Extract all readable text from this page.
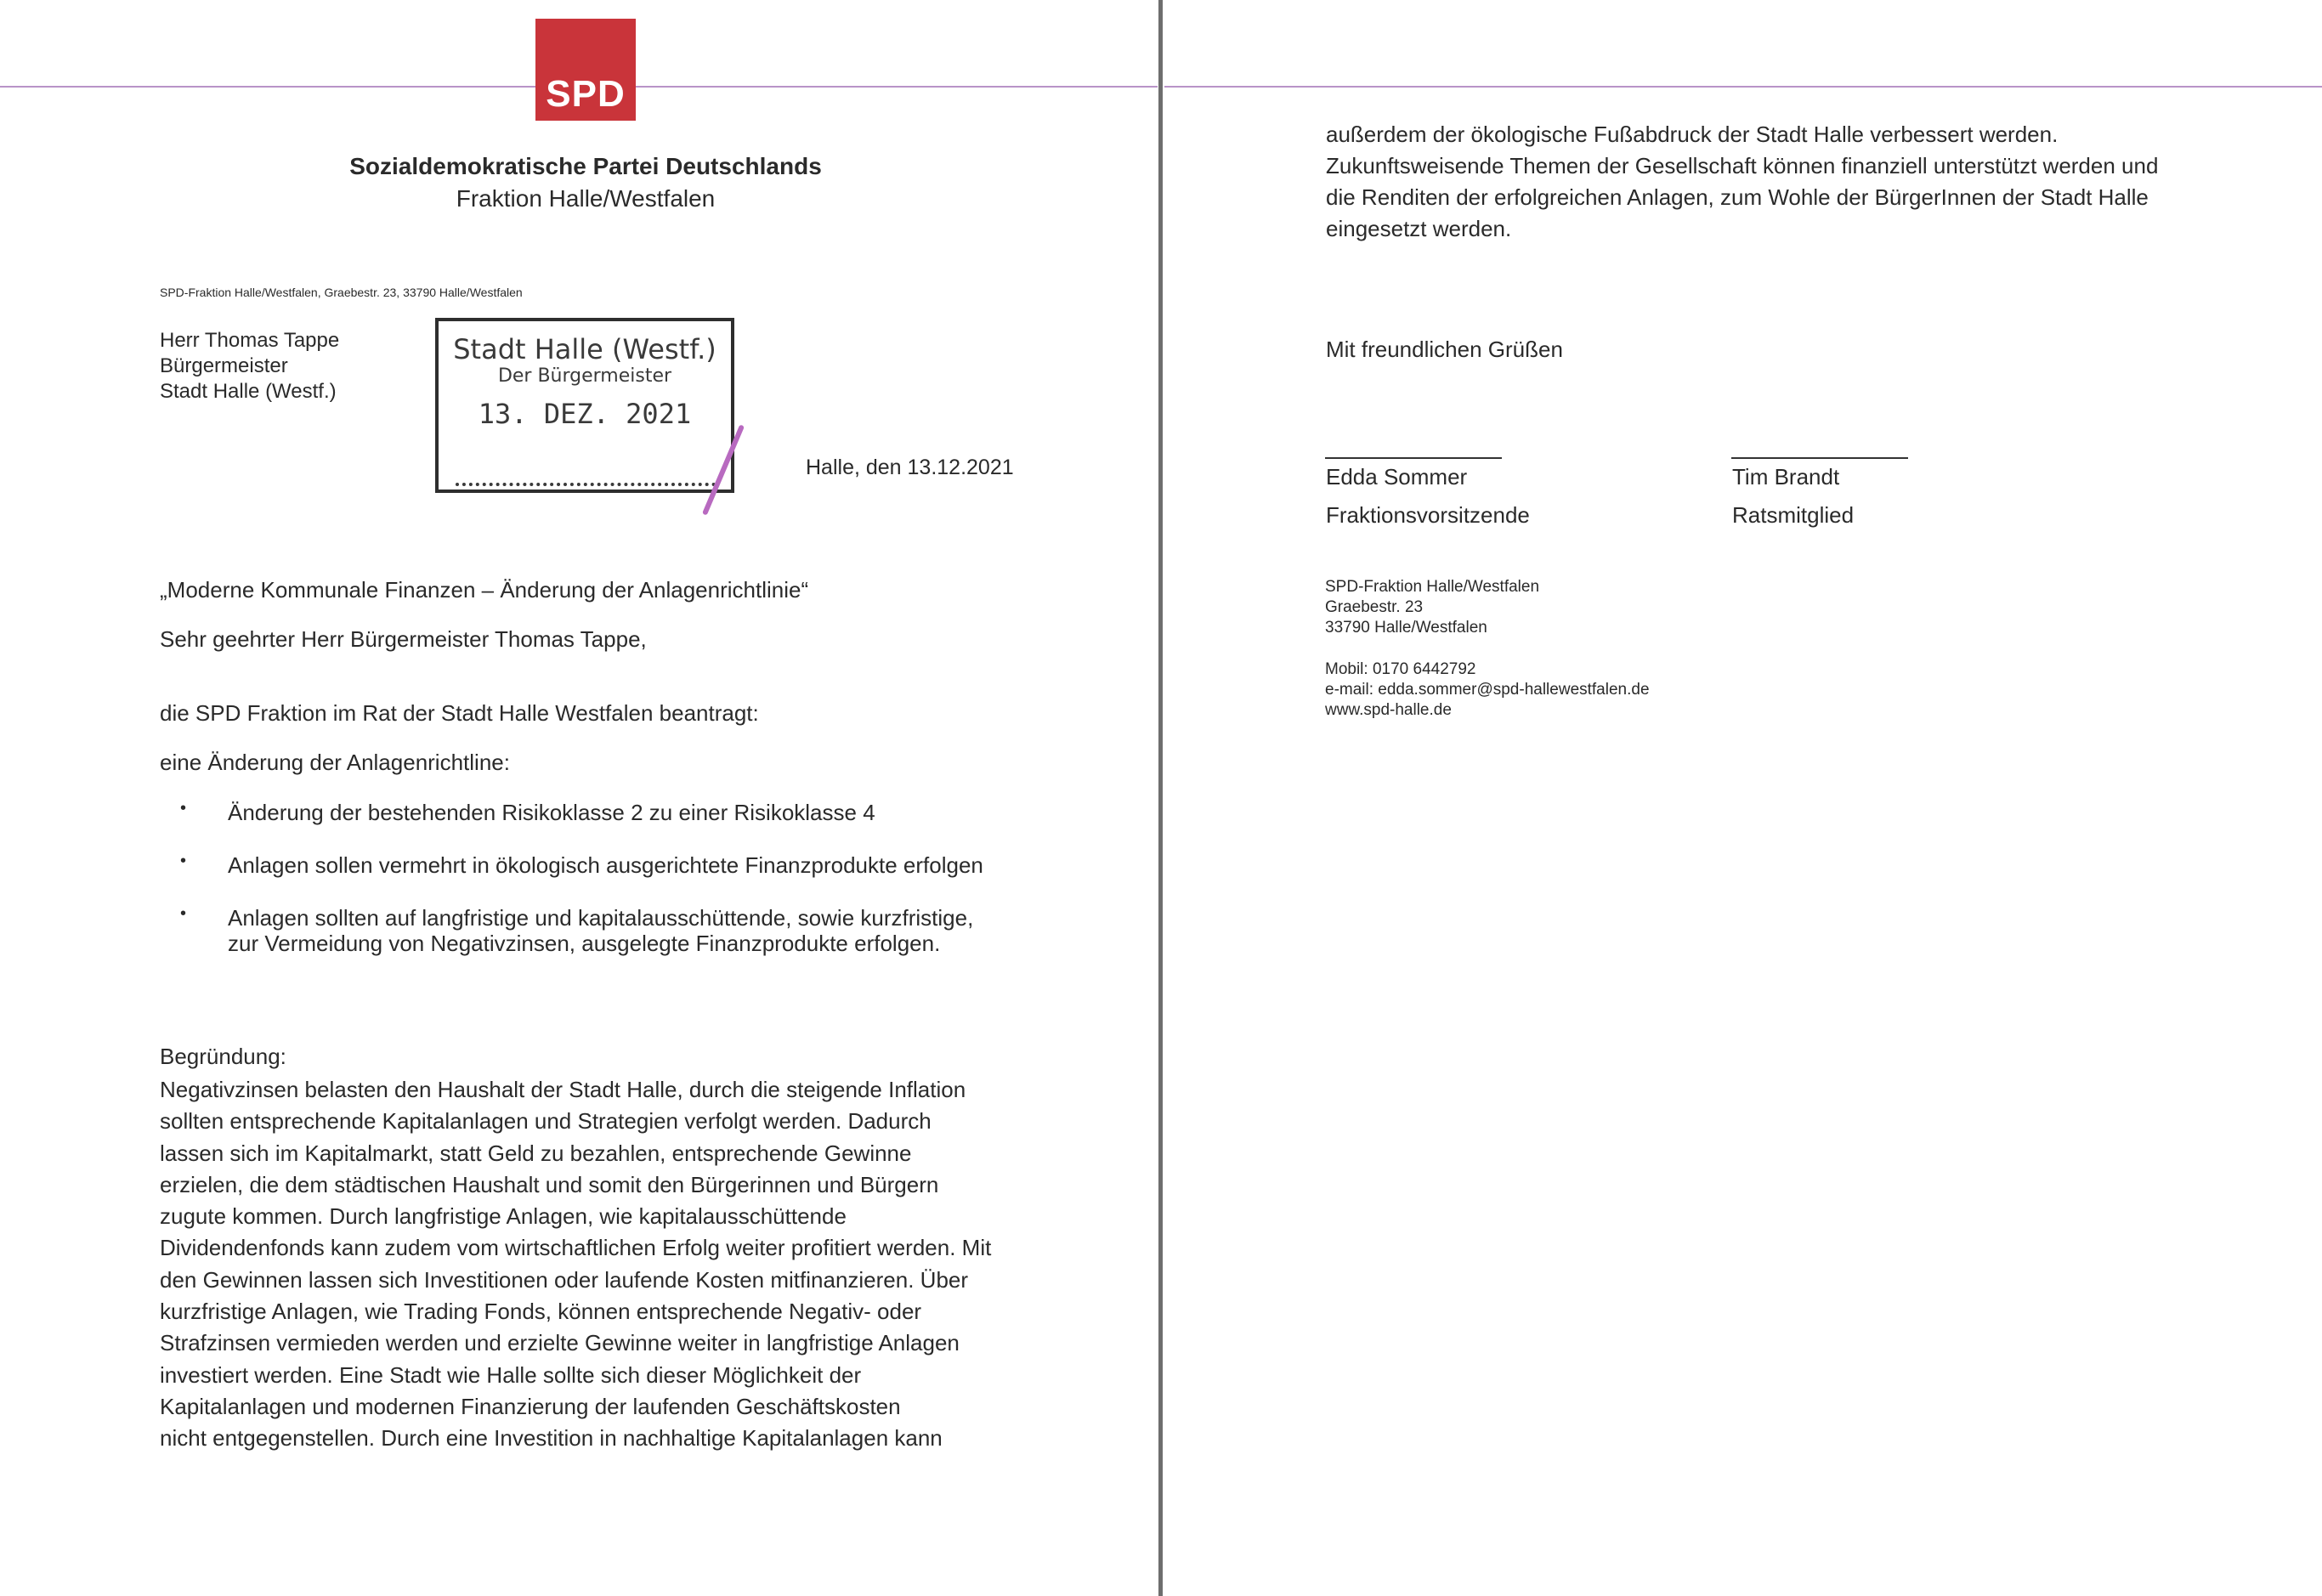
SPD
Sozialdemokratische Partei Deutschlands
Fraktion Halle/Westfalen
SPD-Fraktion Halle/Westfalen, Graebestr. 23, 33790 Halle/Westfalen
Herr Thomas Tappe
Bürgermeister
Stadt Halle (Westf.)
Stadt Halle (Westf.)
Der Bürgermeister
13. DEZ. 2021
Halle, den 13.12.2021
„Moderne Kommunale Finanzen – Änderung der Anlagenrichtlinie“
Sehr geehrter Herr Bürgermeister Thomas Tappe,
die SPD Fraktion im Rat der Stadt Halle Westfalen beantragt:
eine Änderung der Anlagenrichtline:
• Änderung der bestehenden Risikoklasse 2 zu einer Risikoklasse 4
• Anlagen sollen vermehrt in ökologisch ausgerichtete Finanzprodukte erfolgen
• Anlagen sollten auf langfristige und kapitalausschüttende, sowie kurzfristige,
zur Vermeidung von Negativzinsen, ausgelegte Finanzprodukte erfolgen.
Begründung:
Negativzinsen belasten den Haushalt der Stadt Halle, durch die steigende Inflation
sollten entsprechende Kapitalanlagen und Strategien verfolgt werden. Dadurch
lassen sich im Kapitalmarkt, statt Geld zu bezahlen, entsprechende Gewinne
erzielen, die dem städtischen Haushalt und somit den Bürgerinnen und Bürgern
zugute kommen. Durch langfristige Anlagen, wie kapitalausschüttende
Dividendenfonds kann zudem vom wirtschaftlichen Erfolg weiter profitiert werden. Mit
den Gewinnen lassen sich Investitionen oder laufende Kosten mitfinanzieren. Über
kurzfristige Anlagen, wie Trading Fonds, können entsprechende Negativ- oder
Strafzinsen vermieden werden und erzielte Gewinne weiter in langfristige Anlagen
investiert werden. Eine Stadt wie Halle sollte sich dieser Möglichkeit der
Kapitalanlagen und modernen Finanzierung der laufenden Geschäftskosten
nicht entgegenstellen. Durch eine Investition in nachhaltige Kapitalanlagen kann
außerdem der ökologische Fußabdruck der Stadt Halle verbessert werden.
Zukunftsweisende Themen der Gesellschaft können finanziell unterstützt werden und
die Renditen der erfolgreichen Anlagen, zum Wohle der BürgerInnen der Stadt Halle
eingesetzt werden.
Mit freundlichen Grüßen
Edda Sommer
Fraktionsvorsitzende
Tim Brandt
Ratsmitglied
SPD-Fraktion Halle/Westfalen
Graebestr. 23
33790 Halle/Westfalen
Mobil: 0170 6442792
e-mail: edda.sommer@spd-hallewestfalen.de
www.spd-halle.de
